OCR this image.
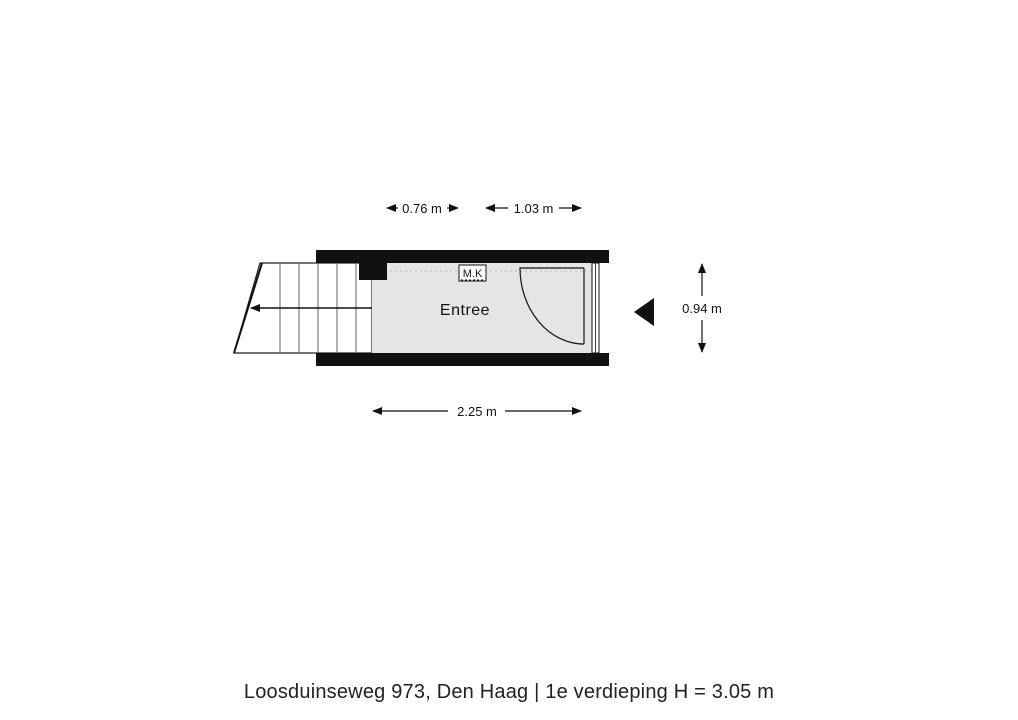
M.K
Entree
0.76 m	1.03 m
2.25 m
0.94 m
Loosduinseweg 973, Den Haag | 1e verdieping H = 3.05 m
